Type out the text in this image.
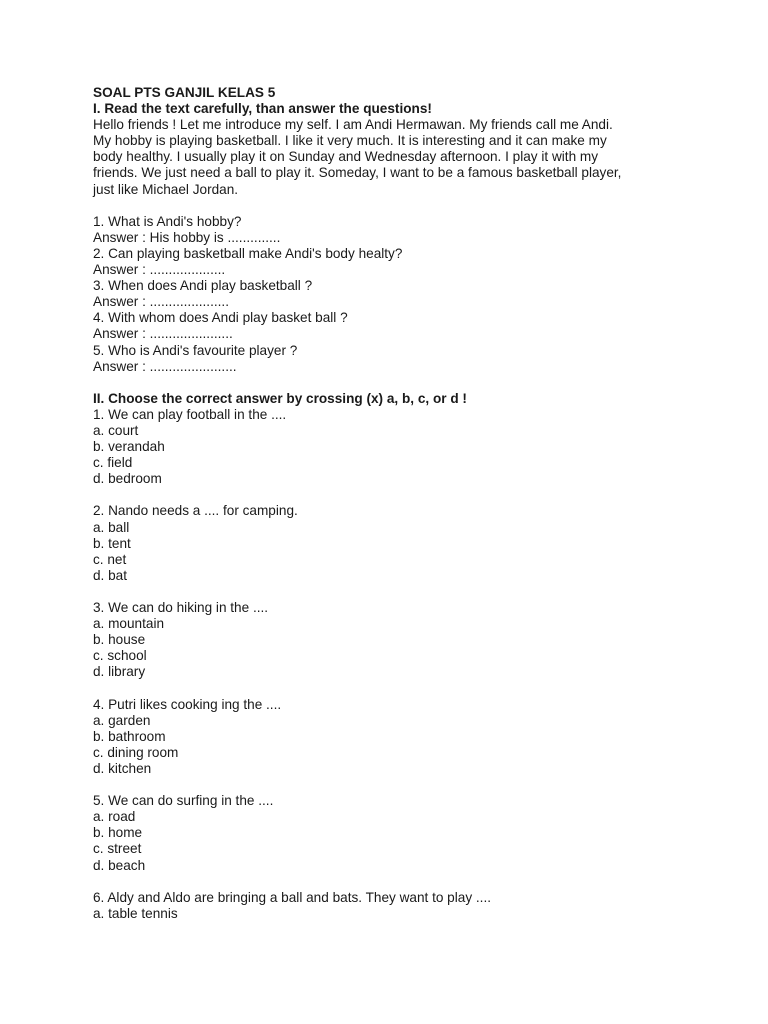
SOAL PTS GANJIL KELAS 5
I. Read the text carefully, than answer the questions!
Hello friends ! Let me introduce my self. I am Andi Hermawan. My friends call me Andi.
My hobby is playing basketball. I like it very much. It is interesting and it can make my
body healthy. I usually play it on Sunday and Wednesday afternoon. I play it with my
friends. We just need a ball to play it. Someday, I want to be a famous basketball player,
just like Michael Jordan.
1. What is Andi's hobby?
Answer : His hobby is ..............
2. Can playing basketball make Andi's body healty?
Answer : ....................
3. When does Andi play basketball ?
Answer : .....................
4. With whom does Andi play basket ball ?
Answer : ......................
5. Who is Andi's favourite player ?
Answer : .......................
II. Choose the correct answer by crossing (x) a, b, c, or d !
1. We can play football in the ....
a. court
b. verandah
c. field
d. bedroom
2. Nando needs a .... for camping.
a. ball
b. tent
c. net
d. bat
3. We can do hiking in the ....
a. mountain
b. house
c. school
d. library
4. Putri likes cooking ing the ....
a. garden
b. bathroom
c. dining room
d. kitchen
5. We can do surfing in the ....
a. road
b. home
c. street
d. beach
6. Aldy and Aldo are bringing a ball and bats. They want to play ....
a. table tennis
